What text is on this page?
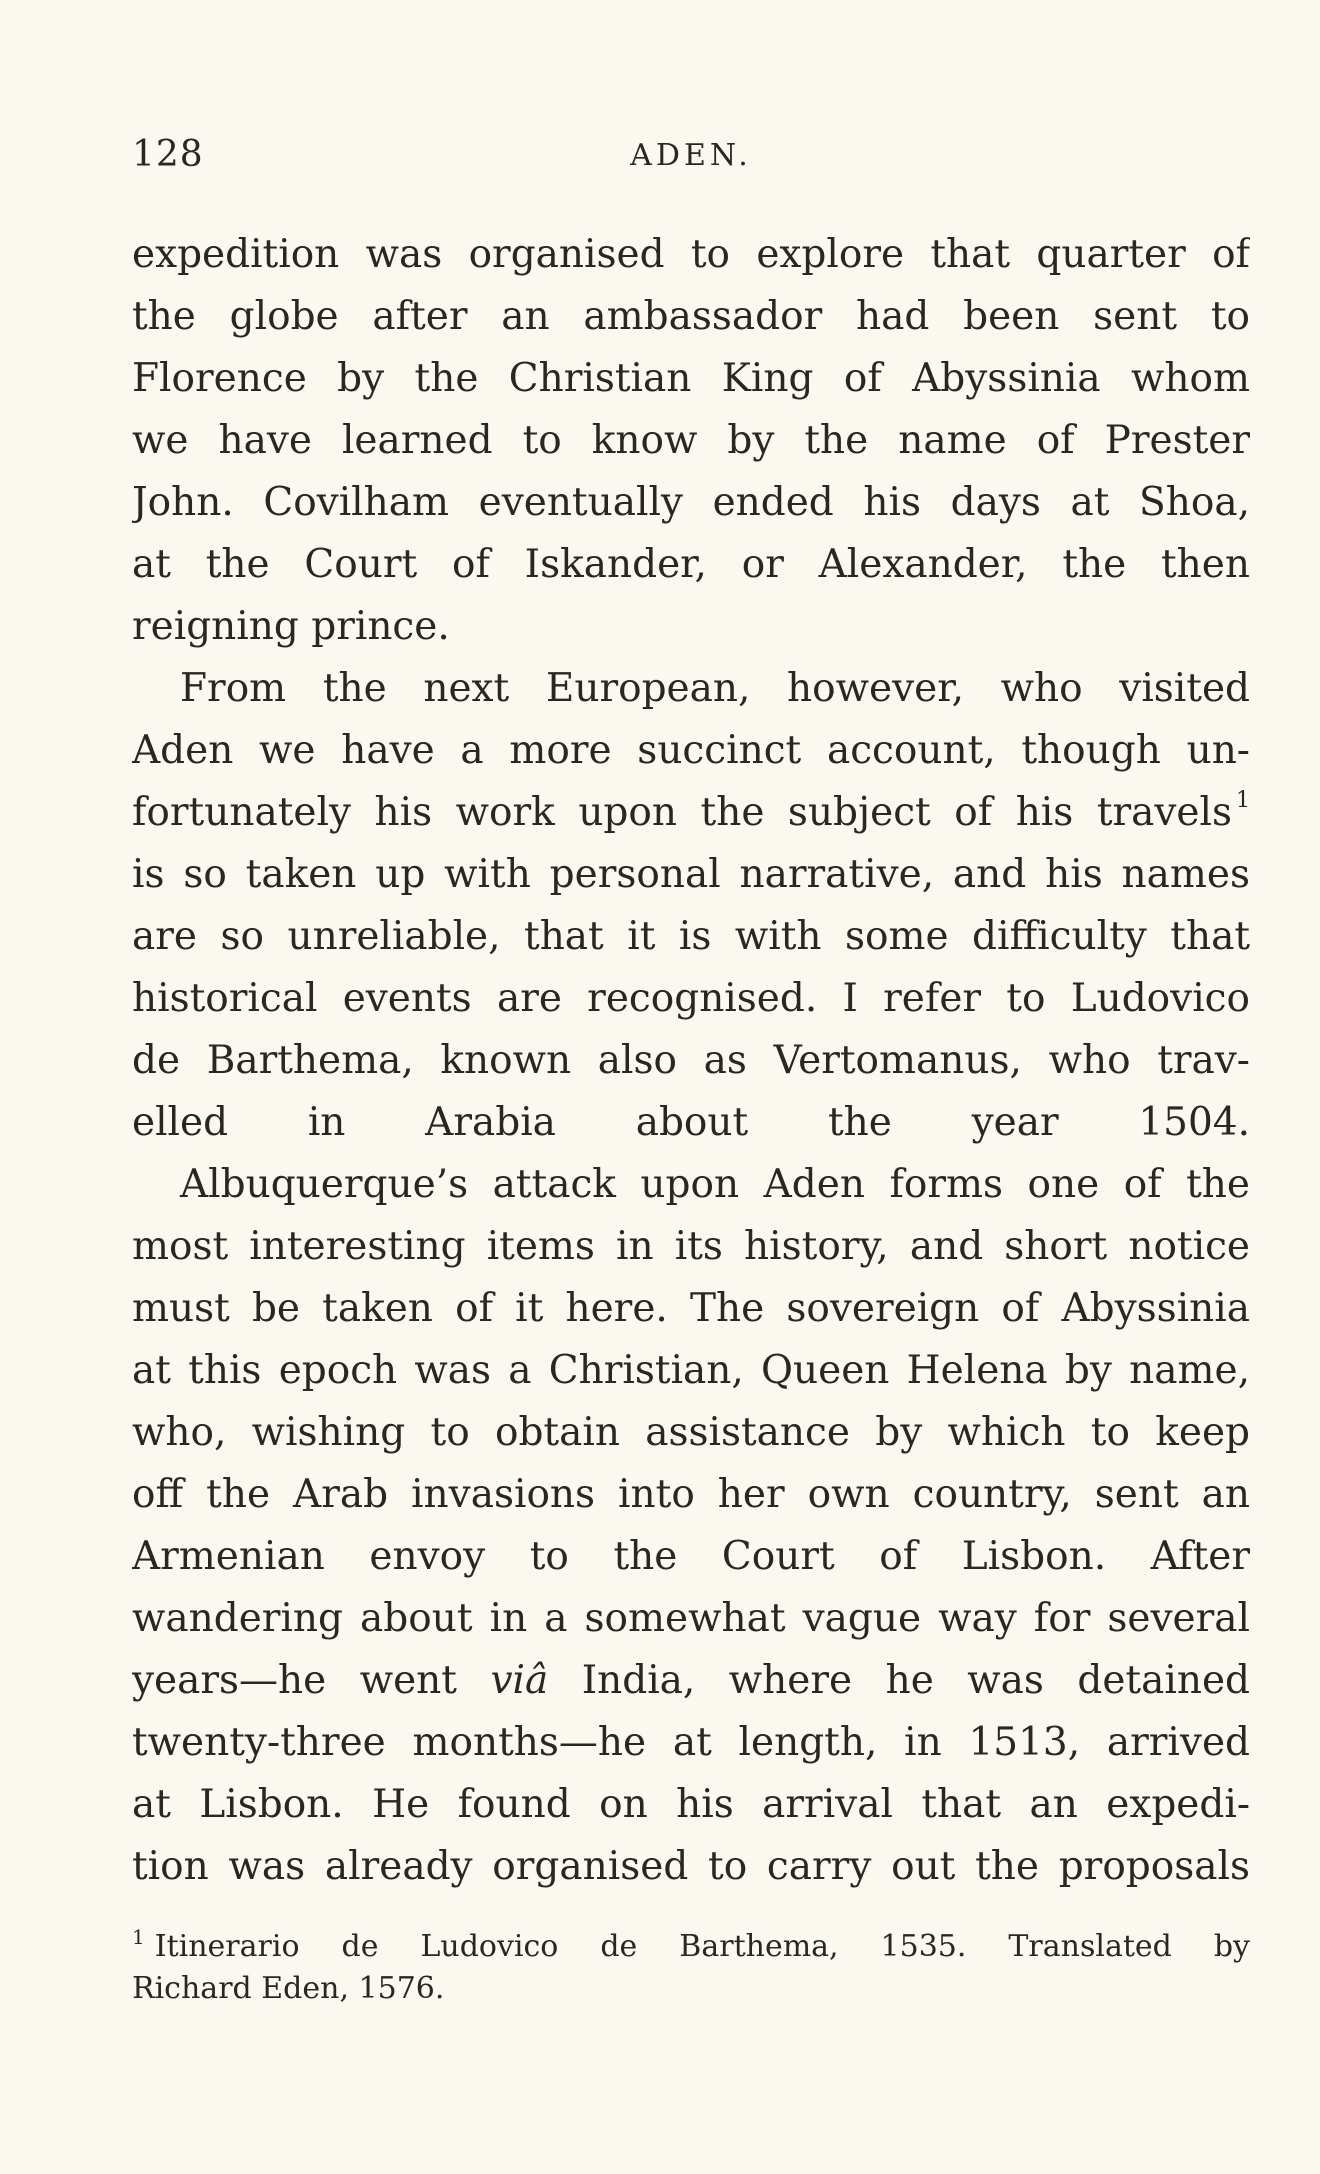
128	ADEN.
expedition was organised to explore that quarter of
the globe after an ambassador had been sent to
Florence by the Christian King of Abyssinia whom
we have learned to know by the name of Prester
John. Covilham eventually ended his days at Shoa,
at the Court of Iskander, or Alexander, the then
reigning prince.
From the next European, however, who visited
Aden we have a more succinct account, though un-
fortunately his work upon the subject of his travels $^1$
is so taken up with personal narrative, and his names
are so unreliable, that it is with some difficulty that
historical events are recognised. I refer to Ludovico
de Barthema, known also as Vertomanus, who trav-
elled in Arabia about the year 1504.
Albuquerque’s attack upon Aden forms one of the
most interesting items in its history, and short notice
must be taken of it here. The sovereign of Abyssinia
at this epoch was a Christian, Queen Helena by name,
who, wishing to obtain assistance by which to keep
off the Arab invasions into her own country, sent an
Armenian envoy to the Court of Lisbon. After
wandering about in a somewhat vague way for several
years—he went viâ India, where he was detained
twenty-three months—he at length, in 1513, arrived
at Lisbon. He found on his arrival that an expedi-
tion was already organised to carry out the proposals
$^1$ Itinerario de Ludovico de Barthema, 1535. Translated by
Richard Eden, 1576.
